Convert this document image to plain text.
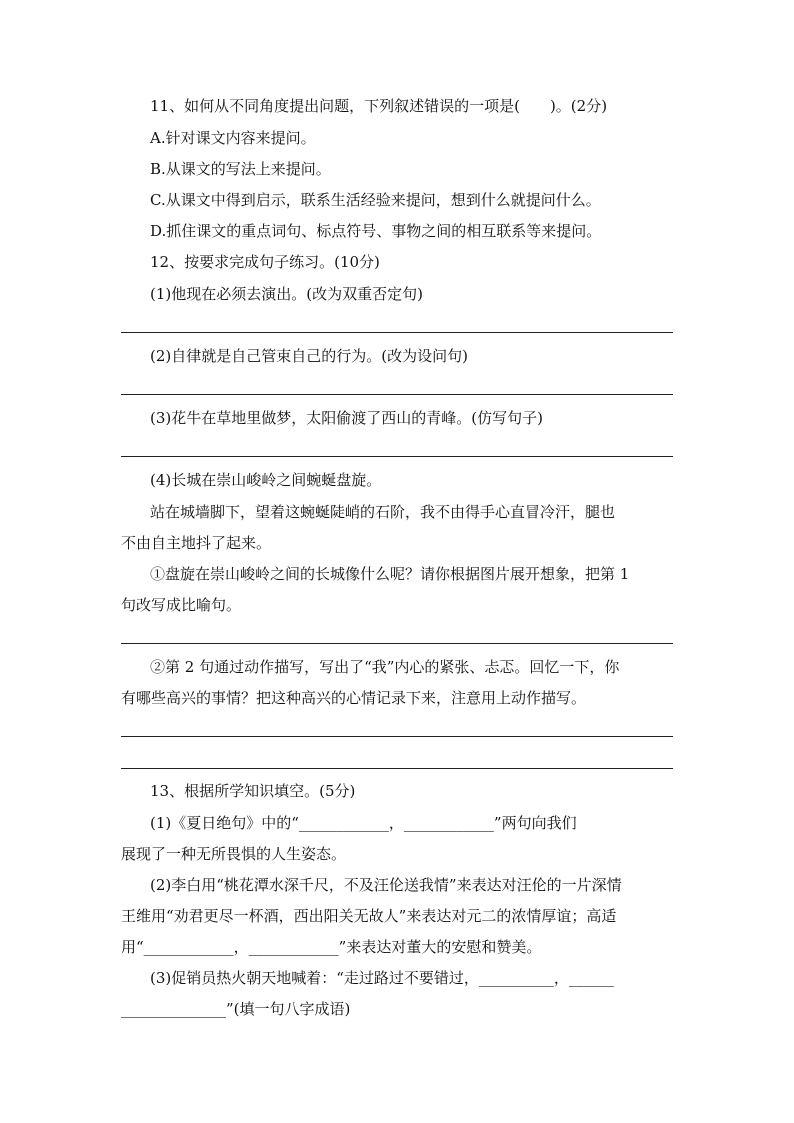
11、如何从不同角度提出问题，下列叙述错误的一项是(　　)。(2分)
A.针对课文内容来提问。
B.从课文的写法上来提问。
C.从课文中得到启示，联系生活经验来提问，想到什么就提问什么。
D.抓住课文的重点词句、标点符号、事物之间的相互联系等来提问。
12、按要求完成句子练习。(10分)
(1)他现在必须去演出。(改为双重否定句)
(2)自律就是自己管束自己的行为。(改为设问句)
(3)花牛在草地里做梦，太阳偷渡了西山的青峰。(仿写句子)
(4)长城在崇山峻岭之间蜿蜒盘旋。
站在城墙脚下，望着这蜿蜒陡峭的石阶，我不由得手心直冒冷汗，腿也
不由自主地抖了起来。
①盘旋在崇山峻岭之间的长城像什么呢？请你根据图片展开想象，把第 1
句改写成比喻句。
②第 2 句通过动作描写，写出了“我”内心的紧张、忐忑。回忆一下，你
有哪些高兴的事情？把这种高兴的心情记录下来，注意用上动作描写。
13、根据所学知识填空。(5分)
(1)《夏日绝句》中的“____________，____________”两句向我们
展现了一种无所畏惧的人生姿态。
(2)李白用“桃花潭水深千尺，不及汪伦送我情”来表达对汪伦的一片深情
王维用“劝君更尽一杯酒，西出阳关无故人”来表达对元二的浓情厚谊；高适
用“____________，____________”来表达对董大的安慰和赞美。
(3)促销员热火朝天地喊着：“走过路过不要错过，__________，______
______________”(填一句八字成语)
